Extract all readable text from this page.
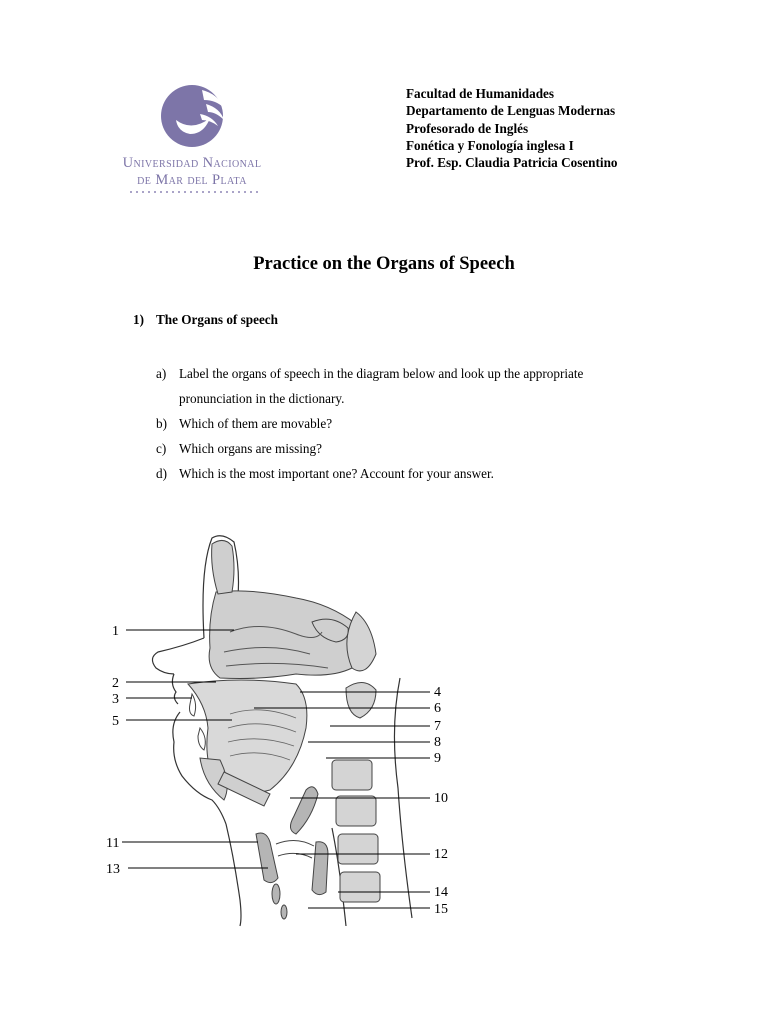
Universidad Nacional
de Mar del Plata
Facultad de Humanidades
Departamento de Lenguas Modernas
Profesorado de Inglés
Fonética y Fonología inglesa I
Prof. Esp. Claudia Patricia Cosentino
Practice on the Organs of Speech
1) The Organs of speech
a) Label the organs of speech in the diagram below and look up the appropriate
pronunciation in the dictionary.
b) Which of them are movable?
c) Which organs are missing?
d) Which is the most important one? Account for your answer.
1
2
3	4
5
6
7
8
9
10
11
12
13
14
15
